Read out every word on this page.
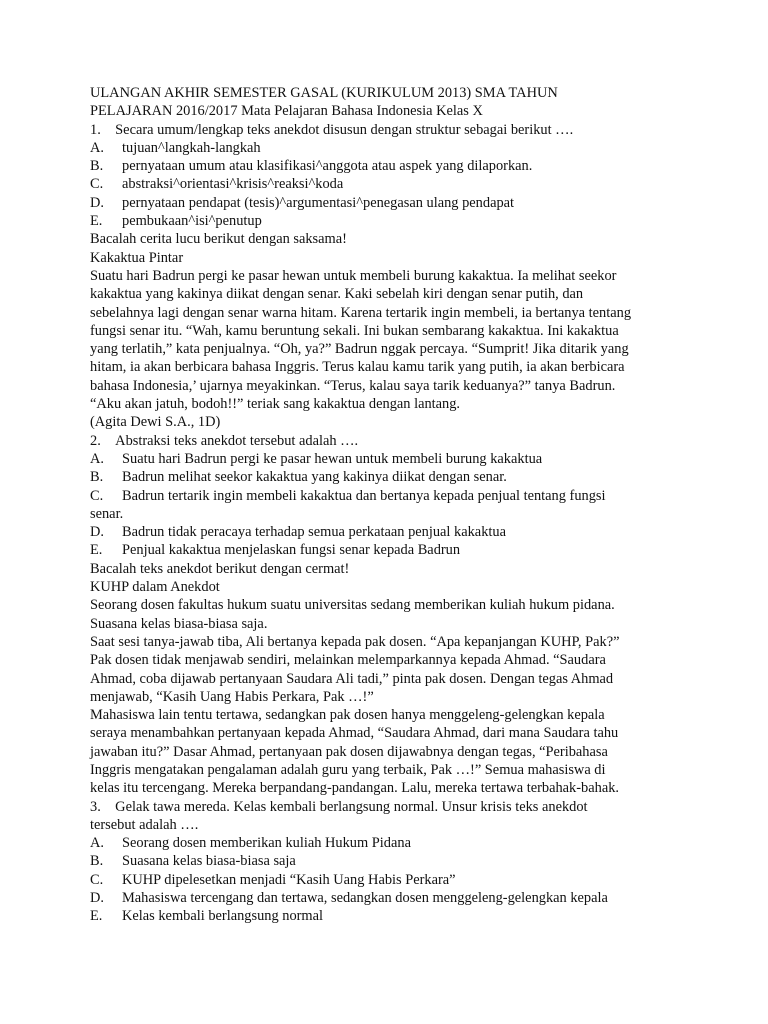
ULANGAN AKHIR SEMESTER GASAL (KURIKULUM 2013) SMA TAHUN
PELAJARAN 2016/2017 Mata Pelajaran Bahasa Indonesia Kelas X
1.    Secara umum/lengkap teks anekdot disusun dengan struktur sebagai berikut ….
A. tujuan^langkah-langkah
B. pernyataan umum atau klasifikasi^anggota atau aspek yang dilaporkan.
C. abstraksi^orientasi^krisis^reaksi^koda
D. pernyataan pendapat (tesis)^argumentasi^penegasan ulang pendapat
E. pembukaan^isi^penutup
Bacalah cerita lucu berikut dengan saksama!
Kakaktua Pintar
Suatu hari Badrun pergi ke pasar hewan untuk membeli burung kakaktua. Ia melihat seekor
kakaktua yang kakinya diikat dengan senar. Kaki sebelah kiri dengan senar putih, dan
sebelahnya lagi dengan senar warna hitam. Karena tertarik ingin membeli, ia bertanya tentang
fungsi senar itu. “Wah, kamu beruntung sekali. Ini bukan sembarang kakaktua. Ini kakaktua
yang terlatih,” kata penjualnya. “Oh, ya?” Badrun nggak percaya. “Sumprit! Jika ditarik yang
hitam, ia akan berbicara bahasa Inggris. Terus kalau kamu tarik yang putih, ia akan berbicara
bahasa Indonesia,’ ujarnya meyakinkan. “Terus, kalau saya tarik keduanya?” tanya Badrun.
“Aku akan jatuh, bodoh!!” teriak sang kakaktua dengan lantang.
(Agita Dewi S.A., 1D)
2.    Abstraksi teks anekdot tersebut adalah ….
A. Suatu hari Badrun pergi ke pasar hewan untuk membeli burung kakaktua
B. Badrun melihat seekor kakaktua yang kakinya diikat dengan senar.
C. Badrun tertarik ingin membeli kakaktua dan bertanya kepada penjual tentang fungsi
senar.
D. Badrun tidak peracaya terhadap semua perkataan penjual kakaktua
E. Penjual kakaktua menjelaskan fungsi senar kepada Badrun
Bacalah teks anekdot berikut dengan cermat!
KUHP dalam Anekdot
Seorang dosen fakultas hukum suatu universitas sedang memberikan kuliah hukum pidana.
Suasana kelas biasa-biasa saja.
Saat sesi tanya-jawab tiba, Ali bertanya kepada pak dosen. “Apa kepanjangan KUHP, Pak?”
Pak dosen tidak menjawab sendiri, melainkan melemparkannya kepada Ahmad. “Saudara
Ahmad, coba dijawab pertanyaan Saudara Ali tadi,” pinta pak dosen. Dengan tegas Ahmad
menjawab, “Kasih Uang Habis Perkara, Pak …!”
Mahasiswa lain tentu tertawa, sedangkan pak dosen hanya menggeleng-gelengkan kepala
seraya menambahkan pertanyaan kepada Ahmad, “Saudara Ahmad, dari mana Saudara tahu
jawaban itu?” Dasar Ahmad, pertanyaan pak dosen dijawabnya dengan tegas, “Peribahasa
Inggris mengatakan pengalaman adalah guru yang terbaik, Pak …!” Semua mahasiswa di
kelas itu tercengang. Mereka berpandang-pandangan. Lalu, mereka tertawa terbahak-bahak.
3.    Gelak tawa mereda. Kelas kembali berlangsung normal. Unsur krisis teks anekdot
tersebut adalah ….
A. Seorang dosen memberikan kuliah Hukum Pidana
B. Suasana kelas biasa-biasa saja
C. KUHP dipelesetkan menjadi “Kasih Uang Habis Perkara”
D. Mahasiswa tercengang dan tertawa, sedangkan dosen menggeleng-gelengkan kepala
E. Kelas kembali berlangsung normal
